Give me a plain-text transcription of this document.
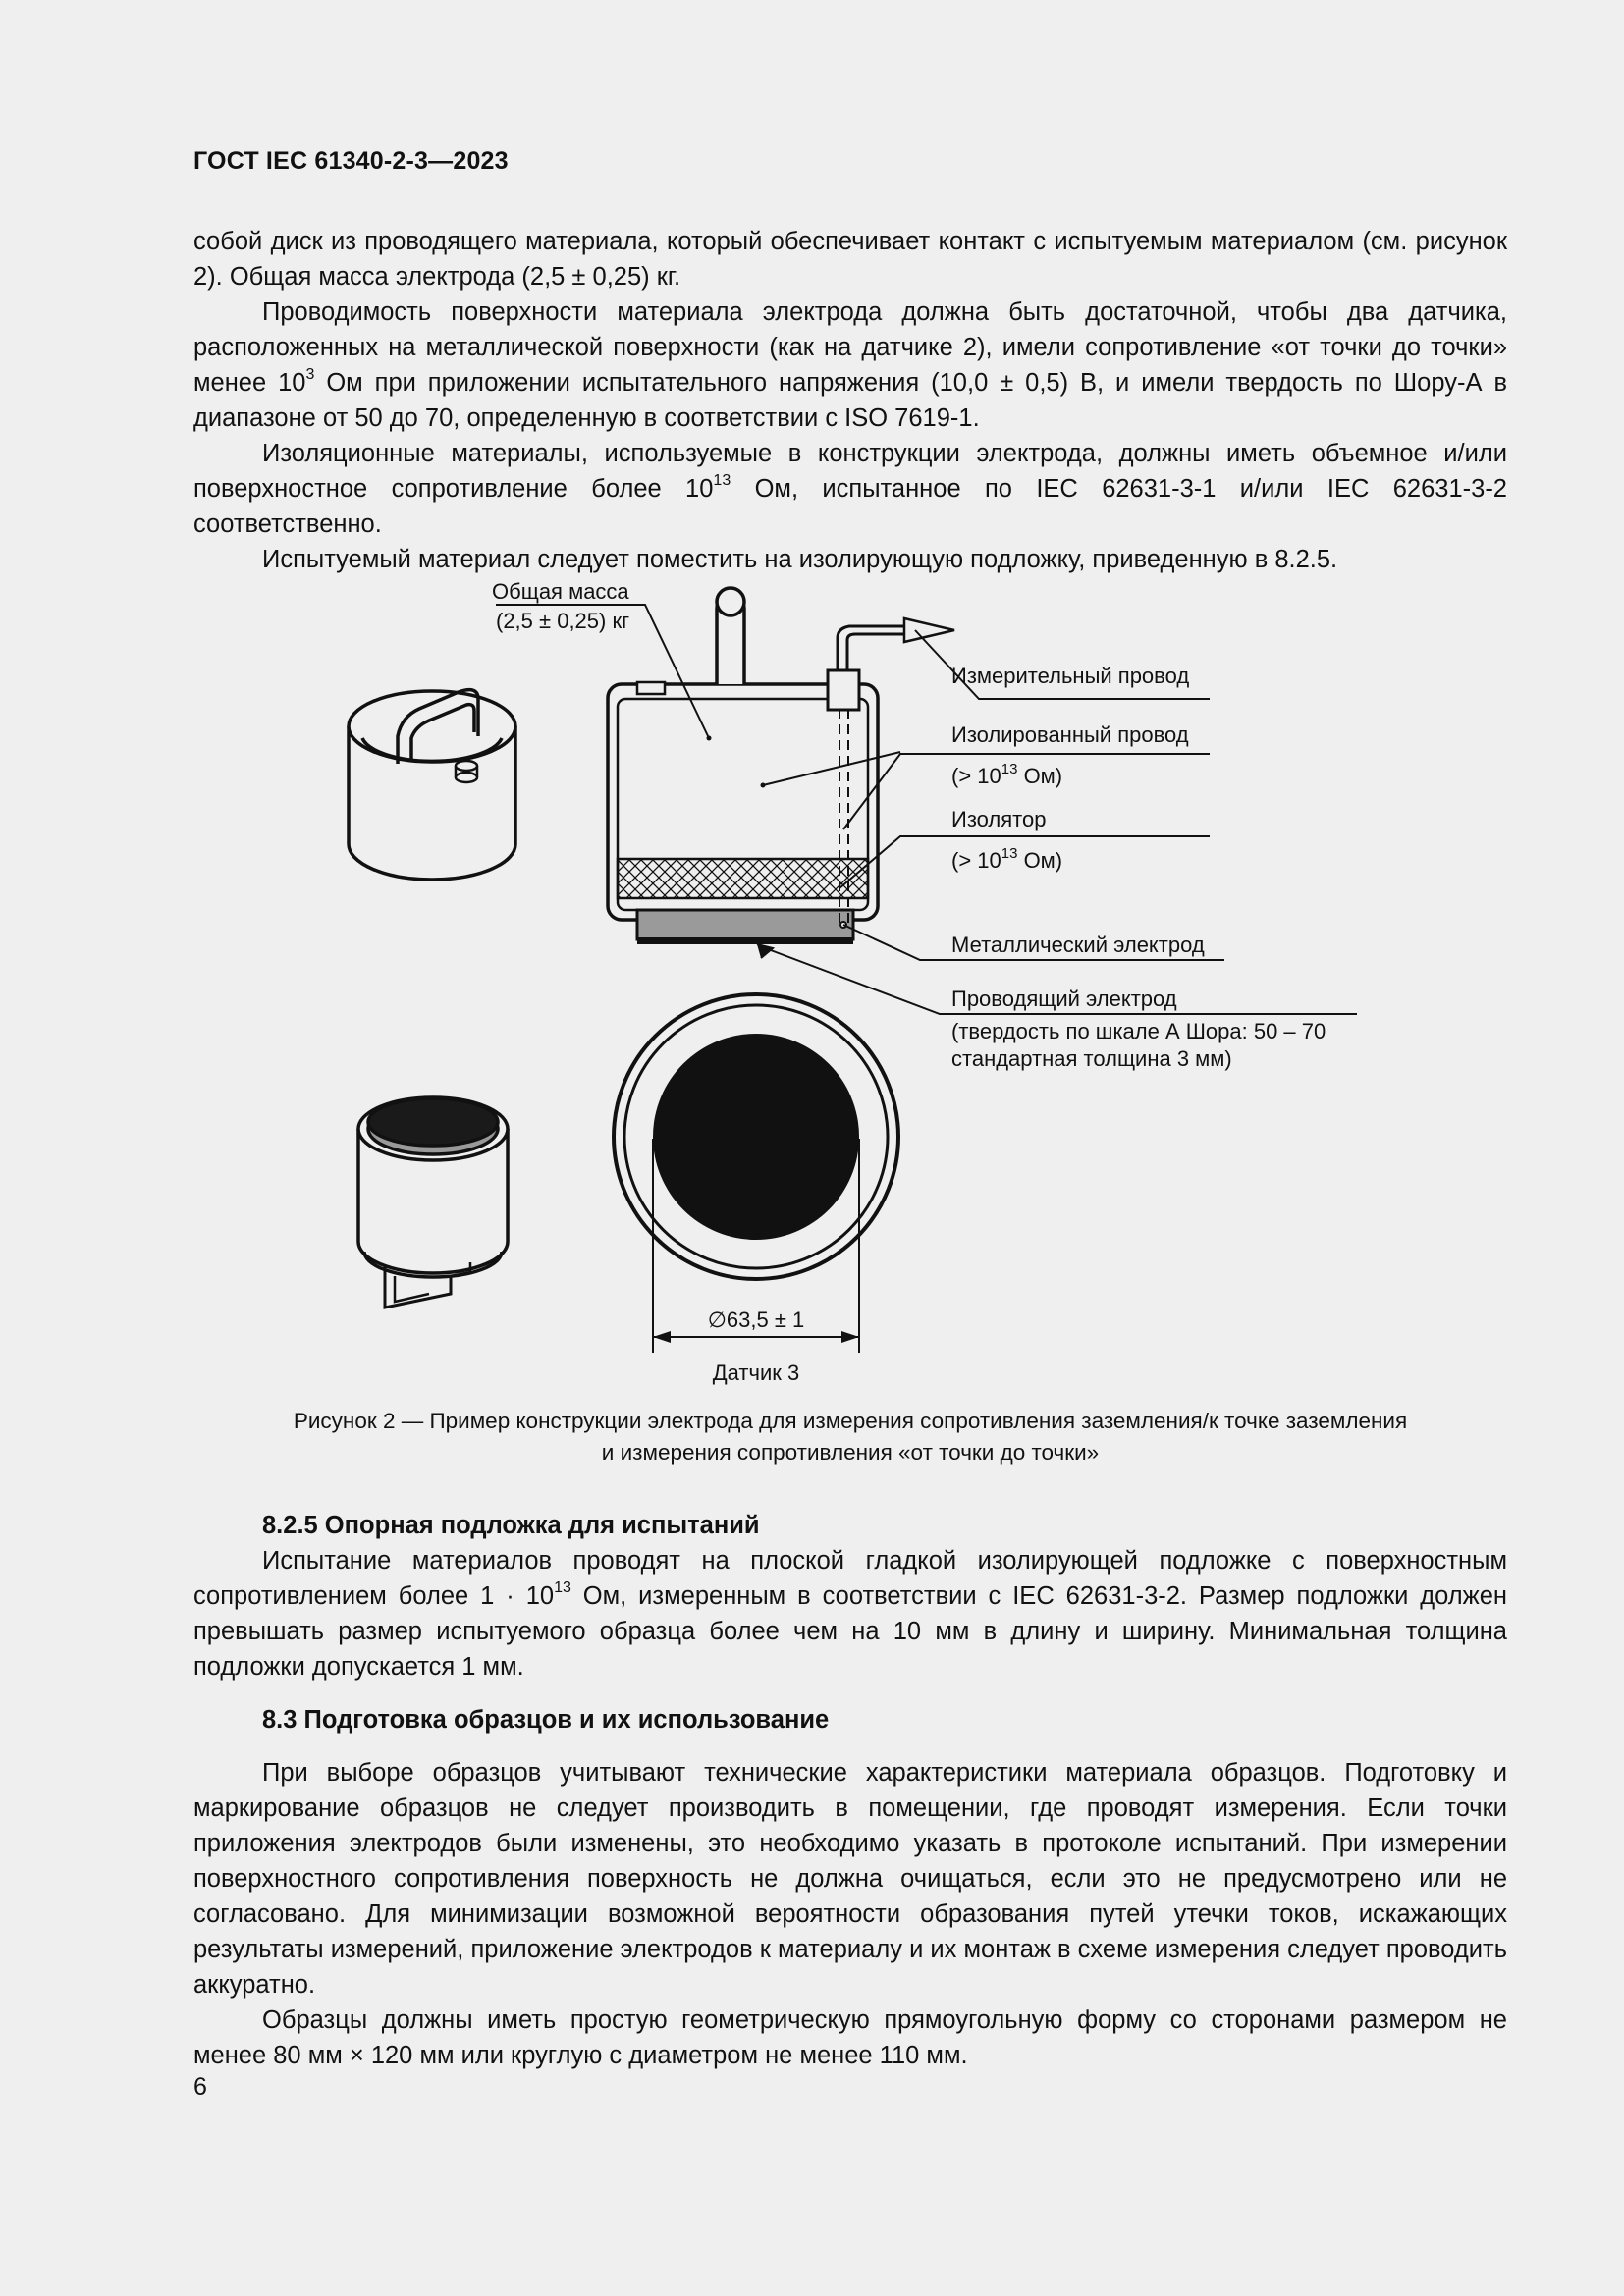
ГОСТ IEC 61340-2-3—2023

собой диск из проводящего материала, который обеспечивает контакт с испытуемым материалом (см. рисунок 2). Общая масса электрода (2,5 ± 0,25) кг.

Проводимость поверхности материала электрода должна быть достаточной, чтобы два датчика, расположенных на металлической поверхности (как на датчике 2), имели сопротивление «от точки до точки» менее $10^3$ Ом при приложении испытательного напряжения (10,0 ± 0,5) В, и имели твердость по Шору-А в диапазоне от 50 до 70, определенную в соответствии с ISO 7619-1.

Изоляционные материалы, используемые в конструкции электрода, должны иметь объемное и/или поверхностное сопротивление более $10^{13}$ Ом, испытанное по IEC 62631-3-1 и/или IEC 62631-3-2 соответственно.

Испытуемый материал следует поместить на изолирующую подложку, приведенную в 8.2.5.

Общая масса
(2,5 ± 0,25) кг
Измерительный провод
Изолированный провод
(> $10^{13}$ Ом)
Изолятор
(> $10^{13}$ Ом)
Металлический электрод
Проводящий электрод
(твердость по шкале А Шора: 50 – 70
стандартная толщина 3 мм)
∅63,5 ± 1
Датчик 3
Рисунок 2 — Пример конструкции электрода для измерения сопротивления заземления/к точке заземления
и измерения сопротивления «от точки до точки»

8.2.5 Опорная подложка для испытаний

Испытание материалов проводят на плоской гладкой изолирующей подложке с поверхностным сопротивлением более $1 \cdot 10^{13}$ Ом, измеренным в соответствии с IEC 62631-3-2. Размер подложки должен превышать размер испытуемого образца более чем на 10 мм в длину и ширину. Минимальная толщина подложки допускается 1 мм.

8.3 Подготовка образцов и их использование

При выборе образцов учитывают технические характеристики материала образцов. Подготовку и маркирование образцов не следует производить в помещении, где проводят измерения. Если точки приложения электродов были изменены, это необходимо указать в протоколе испытаний. При измерении поверхностного сопротивления поверхность не должна очищаться, если это не предусмотрено или не согласовано. Для минимизации возможной вероятности образования путей утечки токов, искажающих результаты измерений, приложение электродов к материалу и их монтаж в схеме измерения следует проводить аккуратно.

Образцы должны иметь простую геометрическую прямоугольную форму со сторонами размером не менее 80 мм × 120 мм или круглую с диаметром не менее 110 мм.

6
